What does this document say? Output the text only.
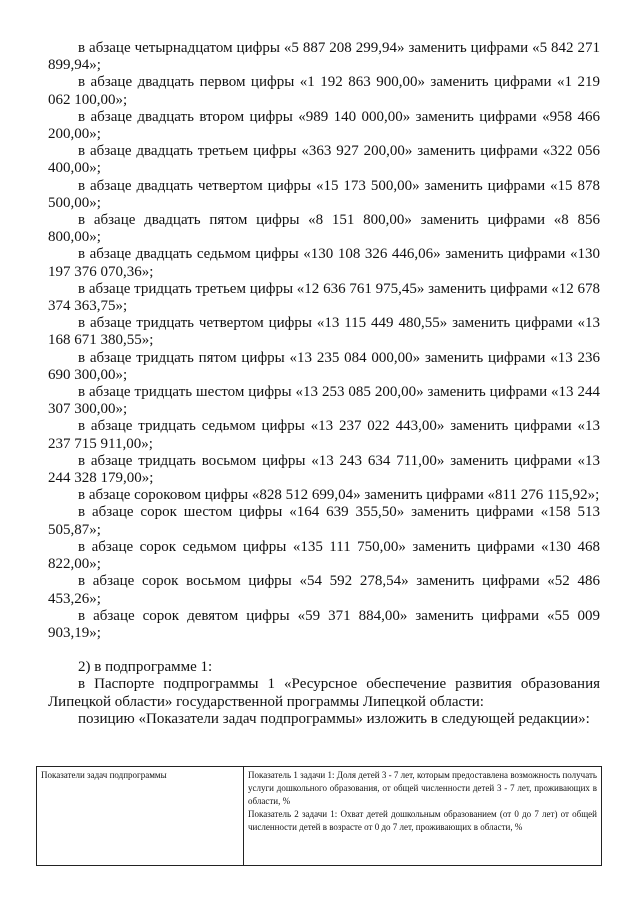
в абзаце четырнадцатом цифры «5 887 208 299,94» заменить цифрами «5 842 271 899,94»;

в абзаце двадцать первом цифры «1 192 863 900,00» заменить цифрами «1 219 062 100,00»;

в абзаце двадцать втором цифры «989 140 000,00» заменить цифрами «958 466 200,00»;

в абзаце двадцать третьем цифры «363 927 200,00» заменить цифрами «322 056 400,00»;

в абзаце двадцать четвертом цифры «15 173 500,00» заменить цифрами «15 878 500,00»;

в абзаце двадцать пятом цифры «8 151 800,00» заменить цифрами «8 856 800,00»;

в абзаце двадцать седьмом цифры «130 108 326 446,06» заменить цифрами «130 197 376 070,36»;

в абзаце тридцать третьем цифры «12 636 761 975,45» заменить цифрами «12 678 374 363,75»;

в абзаце тридцать четвертом цифры «13 115 449 480,55» заменить цифрами «13 168 671 380,55»;

в абзаце тридцать пятом цифры «13 235 084 000,00» заменить цифрами «13 236 690 300,00»;

в абзаце тридцать шестом цифры «13 253 085 200,00» заменить цифрами «13 244 307 300,00»;

в абзаце тридцать седьмом цифры «13 237 022 443,00» заменить цифрами «13 237 715 911,00»;

в абзаце тридцать восьмом цифры «13 243 634 711,00» заменить цифрами «13 244 328 179,00»;

в абзаце сороковом цифры «828 512 699,04» заменить цифрами «811 276 115,92»;

в абзаце сорок шестом цифры «164 639 355,50» заменить цифрами «158 513 505,87»;

в абзаце сорок седьмом цифры «135 111 750,00» заменить цифрами «130 468 822,00»;

в абзаце сорок восьмом цифры «54 592 278,54» заменить цифрами «52 486 453,26»;

в абзаце сорок девятом цифры «59 371 884,00» заменить цифрами «55 009 903,19»;

2) в подпрограмме 1:

в Паспорте подпрограммы 1 «Ресурсное обеспечение развития образования Липецкой области» государственной программы Липецкой области:

позицию «Показатели задач подпрограммы» изложить в следующей редакции»:

Показатели задач подпрограммы	Показатель 1 задачи 1: Доля детей 3 - 7 лет, которым предоставлена возможность получать услуги дошкольного образования, от общей численности детей 3 - 7 лет, проживающих в области, %

Показатель 2 задачи 1: Охват детей дошкольным образованием (от 0 до 7 лет) от общей численности детей в возрасте от 0 до 7 лет, проживающих в области, %
